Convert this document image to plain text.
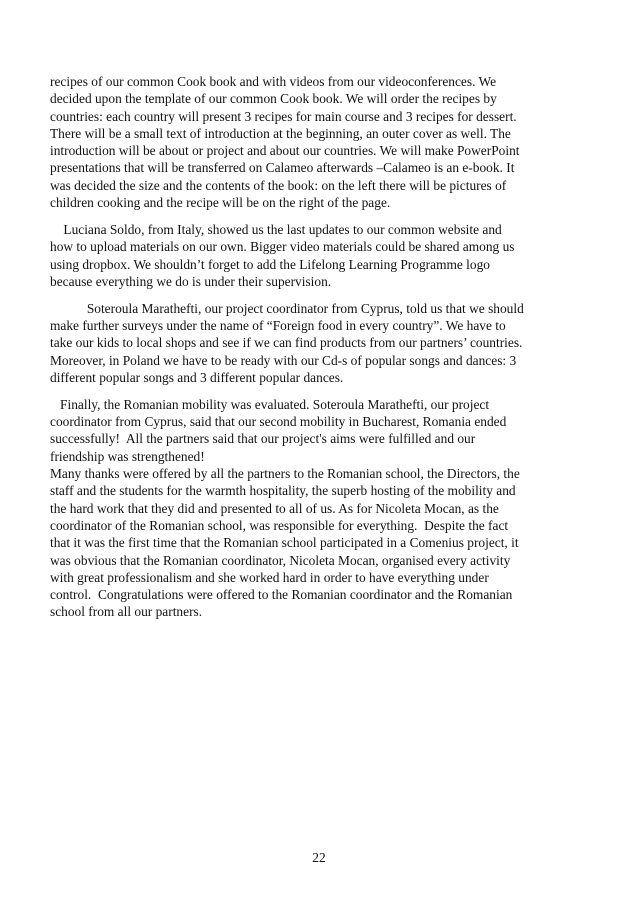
recipes of our common Cook book and with videos from our videoconferences. We
decided upon the template of our common Cook book. We will order the recipes by
countries: each country will present 3 recipes for main course and 3 recipes for dessert.
There will be a small text of introduction at the beginning, an outer cover as well. The
introduction will be about or project and about our countries. We will make PowerPoint
presentations that will be transferred on Calameo afterwards –Calameo is an e-book. It
was decided the size and the contents of the book: on the left there will be pictures of
children cooking and the recipe will be on the right of the page.

Luciana Soldo, from Italy, showed us the last updates to our common website and
how to upload materials on our own. Bigger video materials could be shared among us
using dropbox. We shouldn’t forget to add the Lifelong Learning Programme logo
because everything we do is under their supervision.

Soteroula Marathefti, our project coordinator from Cyprus, told us that we should
make further surveys under the name of “Foreign food in every country”. We have to
take our kids to local shops and see if we can find products from our partners’ countries.
Moreover, in Poland we have to be ready with our Cd-s of popular songs and dances: 3
different popular songs and 3 different popular dances.

Finally, the Romanian mobility was evaluated. Soteroula Marathefti, our project
coordinator from Cyprus, said that our second mobility in Bucharest, Romania ended
successfully!  All the partners said that our project's aims were fulfilled and our
friendship was strengthened!
Many thanks were offered by all the partners to the Romanian school, the Directors, the
staff and the students for the warmth hospitality, the superb hosting of the mobility and
the hard work that they did and presented to all of us. As for Nicoleta Mocan, as the
coordinator of the Romanian school, was responsible for everything.  Despite the fact
that it was the first time that the Romanian school participated in a Comenius project, it
was obvious that the Romanian coordinator, Nicoleta Mocan, organised every activity
with great professionalism and she worked hard in order to have everything under
control.  Congratulations were offered to the Romanian coordinator and the Romanian
school from all our partners.

22
